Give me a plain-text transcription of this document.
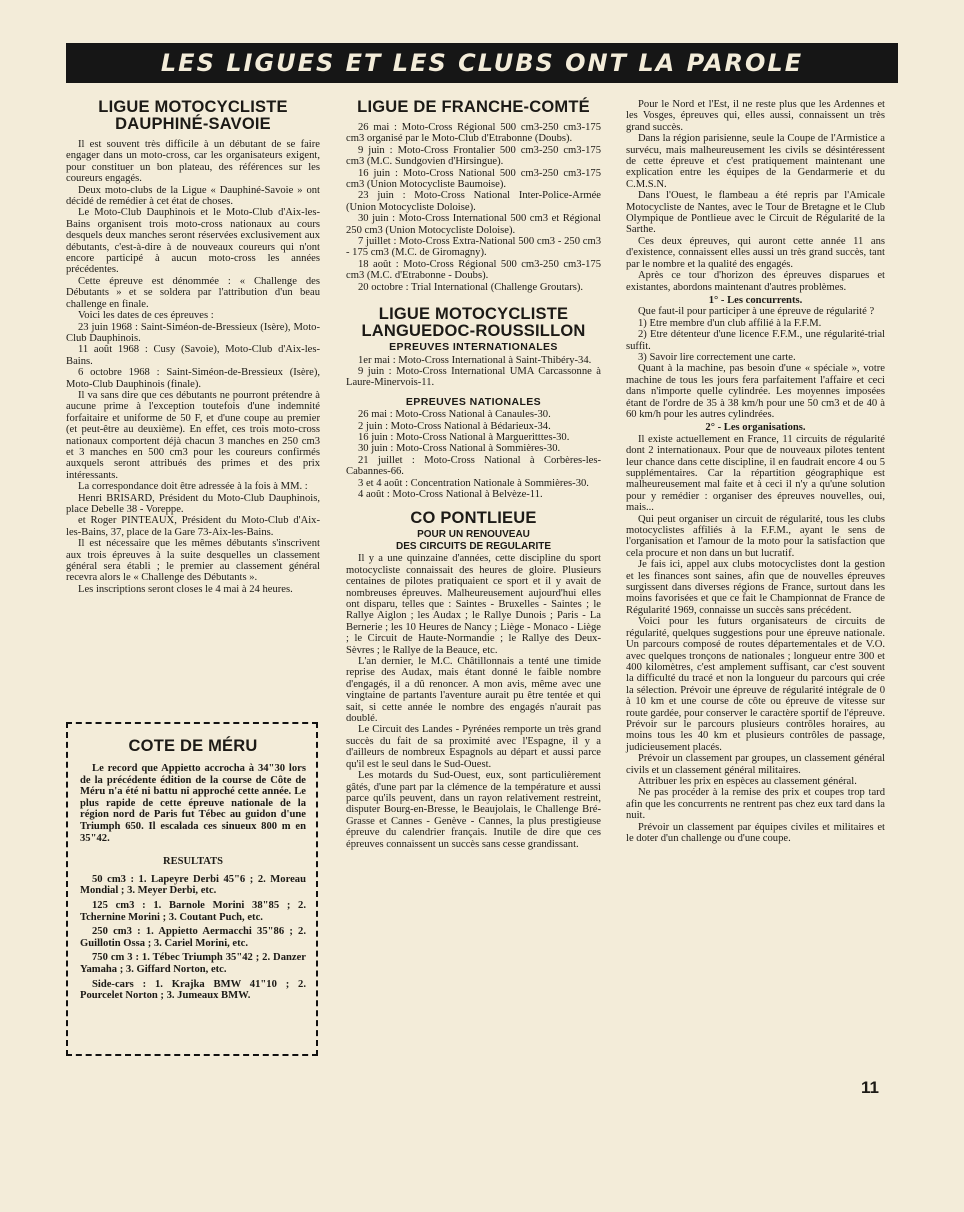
LES LIGUES ET LES CLUBS ONT LA PAROLE
LIGUE MOTOCYCLISTE
DAUPHINÉ-SAVOIE

Il est souvent très difficile à un débutant de se faire engager dans un moto-cross, car les organisateurs exigent, pour constituer un bon plateau, des références sur les coureurs engagés.

Deux moto-clubs de la Ligue « Dauphiné-Savoie » ont décidé de remédier à cet état de choses.

Le Moto-Club Dauphinois et le Moto-Club d'Aix-les-Bains organisent trois moto-cross nationaux au cours desquels deux manches seront réservées exclusivement aux débutants, c'est-à-dire à de nouveaux coureurs qui n'ont encore participé à aucun moto-cross les années précédentes.

Cette épreuve est dénommée : « Challenge des Débutants » et se soldera par l'attribution d'un beau challenge en finale.

Voici les dates de ces épreuves :

23 juin 1968 : Saint-Siméon-de-Bressieux (Isère), Moto-Club Dauphinois.

11 août 1968 : Cusy (Savoie), Moto-Club d'Aix-les-Bains.

6 octobre 1968 : Saint-Siméon-de-Bressieux (Isère), Moto-Club Dauphinois (finale).

Il va sans dire que ces débutants ne pourront prétendre à aucune prime à l'exception toutefois d'une indemnité forfaitaire et uniforme de 50 F, et d'une coupe au premier (et peut-être au deuxième). En effet, ces trois moto-cross nationaux comportent déjà chacun 3 manches en 250 cm3 et 3 manches en 500 cm3 pour les coureurs confirmés auxquels seront attribués des primes et des prix intéressants.

La correspondance doit être adressée à la fois à MM. :

Henri BRISARD, Président du Moto-Club Dauphinois, place Debelle 38 - Voreppe.

et Roger PINTEAUX, Président du Moto-Club d'Aix-les-Bains, 37, place de la Gare 73-Aix-les-Bains.

Il est nécessaire que les mêmes débutants s'inscrivent aux trois épreuves à la suite desquelles un classement général sera établi ; le premier au classement général recevra alors le « Challenge des Débutants ».

Les inscriptions seront closes le 4 mai à 24 heures.

COTE DE MÉRU

Le record que Appietto accrocha à 34"30 lors de la précédente édition de la course de Côte de Méru n'a été ni battu ni approché cette année. Le plus rapide de cette épreuve nationale de la région nord de Paris fut Tébec au guidon d'une Triumph 650. Il escalada ces sinueux 800 m en 35"42.

RESULTATS

50 cm3 : 1. Lapeyre Derbi 45"6 ; 2. Moreau Mondial ; 3. Meyer Derbi, etc.

125 cm3 : 1. Barnole Morini 38"85 ; 2. Tchernine Morini ; 3. Coutant Puch, etc.

250 cm3 : 1. Appietto Aermacchi 35"86 ; 2. Guillotin Ossa ; 3. Cariel Morini, etc.

750 cm 3 : 1. Tébec Triumph 35"42 ; 2. Danzer Yamaha ; 3. Giffard Norton, etc.

Side-cars : 1. Krajka BMW 41"10 ; 2. Pourcelet Norton ; 3. Jumeaux BMW.

LIGUE DE FRANCHE-COMTÉ

26 mai : Moto-Cross Régional 500 cm3-250 cm3-175 cm3 organisé par le Moto-Club d'Etrabonne (Doubs).

9 juin : Moto-Cross Frontalier 500 cm3-250 cm3-175 cm3 (M.C. Sundgovien d'Hirsingue).

16 juin : Moto-Cross National 500 cm3-250 cm3-175 cm3 (Union Motocycliste Baumoise).

23 juin : Moto-Cross National Inter-Police-Armée (Union Motocycliste Doloise).

30 juin : Moto-Cross International 500 cm3 et Régional 250 cm3 (Union Motocycliste Doloise).

7 juillet : Moto-Cross Extra-National 500 cm3 - 250 cm3 - 175 cm3 (M.C. de Giromagny).

18 août : Moto-Cross Régional 500 cm3-250 cm3-175 cm3 (M.C. d'Etrabonne - Doubs).

20 octobre : Trial International (Challenge Groutars).

LIGUE MOTOCYCLISTE
LANGUEDOC-ROUSSILLON
EPREUVES INTERNATIONALES

1er mai : Moto-Cross International à Saint-Thibéry-34.

9 juin : Moto-Cross International UMA Carcassonne à Laure-Minervois-11.

EPREUVES NATIONALES

26 mai : Moto-Cross National à Canaules-30.

2 juin : Moto-Cross National à Bédarieux-34.

16 juin : Moto-Cross National à Margueritttes-30.

30 juin : Moto-Cross National à Sommières-30.

21 juillet : Moto-Cross National à Corbères-les-Cabannes-66.

3 et 4 août : Concentration Nationale à Sommières-30.

4 août : Moto-Cross National à Belvèze-11.

CO PONTLIEUE
POUR UN RENOUVEAU
DES CIRCUITS DE REGULARITE

Il y a une quinzaine d'années, cette discipline du sport motocycliste connaissait des heures de gloire. Plusieurs centaines de pilotes pratiquaient ce sport et il y avait de nombreuses épreuves. Malheureusement aujourd'hui elles ont disparu, telles que : Saintes - Bruxelles - Saintes ; le Rallye Aiglon ; les Audax ; le Rallye Dunois ; Paris - La Bernerie ; les 10 Heures de Nancy ; Liège - Monaco - Liège ; le Circuit de Haute-Normandie ; le Rallye des Deux-Sèvres ; le Rallye de la Beauce, etc.

L'an dernier, le M.C. Châtillonnais a tenté une timide reprise des Audax, mais étant donné le faible nombre d'engagés, il a dû renoncer. A mon avis, même avec une vingtaine de partants l'aventure aurait pu être tentée et qui sait, si cette année le nombre des engagés n'aurait pas doublé.

Le Circuit des Landes - Pyrénées remporte un très grand succès du fait de sa proximité avec l'Espagne, il y a d'ailleurs de nombreux Espagnols au départ et aussi parce qu'il est le seul dans le Sud-Ouest.

Les motards du Sud-Ouest, eux, sont particulièrement gâtés, d'une part par la clémence de la température et aussi parce qu'ils peuvent, dans un rayon relativement restreint, disputer Bourg-en-Bresse, le Beaujolais, le Challenge Bré-Grasse et Cannes - Genève - Cannes, la plus prestigieuse épreuve du calendrier français. Inutile de dire que ces épreuves connaissent un succès sans cesse grandissant.

Pour le Nord et l'Est, il ne reste plus que les Ardennes et les Vosges, épreuves qui, elles aussi, connaissent un très grand succès.

Dans la région parisienne, seule la Coupe de l'Armistice a survécu, mais malheureusement les civils se désintéressent de cette épreuve et c'est pratiquement maintenant une explication entre les équipes de la Gendarmerie et du C.M.S.N.

Dans l'Ouest, le flambeau a été repris par l'Amicale Motocycliste de Nantes, avec le Tour de Bretagne et le Club Olympique de Pontlieue avec le Circuit de Régularité de la Sarthe.

Ces deux épreuves, qui auront cette année 11 ans d'existence, connaissent elles aussi un très grand succès, tant par le nombre et la qualité des engagés.

Après ce tour d'horizon des épreuves disparues et existantes, abordons maintenant d'autres problèmes.

1° - Les concurrents.

Que faut-il pour participer à une épreuve de régularité ?

1) Etre membre d'un club affilié à la F.F.M.

2) Etre détenteur d'une licence F.F.M., une régularité-trial suffit.

3) Savoir lire correctement une carte.

Quant à la machine, pas besoin d'une « spéciale », votre machine de tous les jours fera parfaitement l'affaire et ceci dans n'importe quelle cylindrée. Les moyennes imposées étant de l'ordre de 35 à 38 km/h pour une 50 cm3 et de 40 à 60 km/h pour les autres cylindrées.

2° - Les organisations.

Il existe actuellement en France, 11 circuits de régularité dont 2 internationaux. Pour que de nouveaux pilotes tentent leur chance dans cette discipline, il en faudrait encore 4 ou 5 supplémentaires. Car la répartition géographique est malheureusement mal faite et à ceci il n'y a qu'une solution pour y remédier : organiser des épreuves nouvelles, oui, mais...

Qui peut organiser un circuit de régularité, tous les clubs motocyclistes affiliés à la F.F.M., ayant le sens de l'organisation et l'amour de la moto pour la satisfaction que cela procure et non dans un but lucratif.

Je fais ici, appel aux clubs motocyclistes dont la gestion et les finances sont saines, afin que de nouvelles épreuves surgissent dans diverses régions de France, surtout dans les moins favorisées et que ce fait le Championnat de France de Régularité 1969, connaisse un succès sans précédent.

Voici pour les futurs organisateurs de circuits de régularité, quelques suggestions pour une épreuve nationale. Un parcours composé de routes départementales et de V.O. avec quelques tronçons de nationales ; longueur entre 300 et 400 kilomètres, c'est amplement suffisant, car c'est souvent la difficulté du tracé et non la longueur du parcours qui crée la sélection. Prévoir une épreuve de régularité intégrale de 0 à 10 km et une course de côte ou épreuve de vitesse sur route gardée, pour conserver le caractère sportif de l'épreuve. Prévoir sur le parcours plusieurs contrôles horaires, au moins tous les 40 km et plusieurs contrôles de passage, judicieusement placés.

Prévoir un classement par groupes, un classement général civils et un classement général militaires.

Attribuer les prix en espèces au classement général.

Ne pas procéder à la remise des prix et coupes trop tard afin que les concurrents ne rentrent pas chez eux tard dans la nuit.

Prévoir un classement par équipes civiles et militaires et le doter d'un challenge ou d'une coupe.

11
